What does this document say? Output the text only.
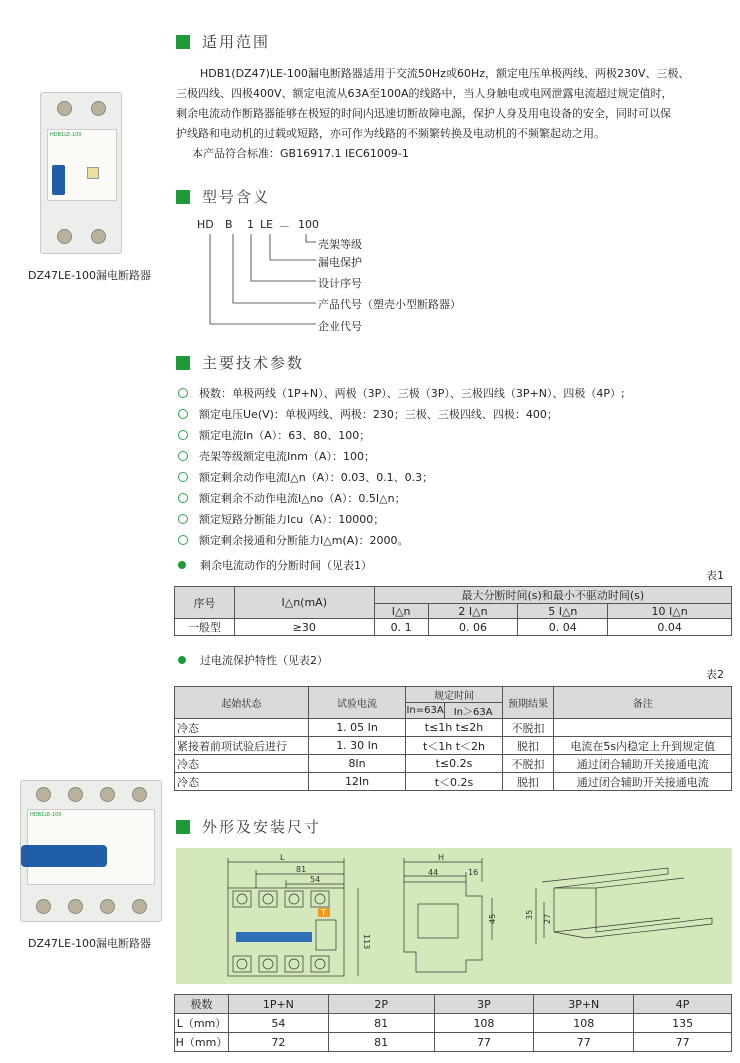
HDB1LE-100
DZ47LE-100漏电断路器
HDB1LE-100
DZ47LE-100漏电断路器
适用范围
HDB1(DZ47)LE-100漏电断路器适用于交流50Hz或60Hz，额定电压单极两线、两极230V、三极、
三极四线、四极400V、额定电流从63A至100A的线路中，当人身触电或电网泄露电流超过规定值时，
剩余电流动作断路器能够在极短的时间内迅速切断故障电源，保护人身及用电设备的安全，同时可以保
护线路和电动机的过载或短路，亦可作为线路的不频繁转换及电动机的不频繁起动之用。
本产品符合标准：GB16917.1 IEC61009-1
型号含义
HD B 1 LE － 100
壳架等级
漏电保护
设计序号
产品代号（塑壳小型断路器）
企业代号
主要技术参数
极数：单极两线（1P+N）、两极（3P）、三极（3P）、三极四线（3P+N）、四极（4P）;
额定电压Ue(V)：单极两线、两极：230；三极、三极四线、四极：400；
额定电流In（A）：63、80、100；
壳架等级额定电流Inm（A）：100；
额定剩余动作电流I△n（A）：0.03、0.1、0.3；
额定剩余不动作电流I△no（A）：0.5I△n；
额定短路分断能力Icu（A）：10000；
额定剩余接通和分断能力I△m(A)：2000。
剩余电流动作的分断时间（见表1）
表1
序号	I△n(mA)	最大分断时间(s)和最小不驱动时间(s)			
		I△n	2 I△n	5 I△n	10 I△n
一般型	≥30	0. 1	0. 06	0. 04	0.04
过电流保护特性（见表2）
表2
起始状态	试验电流	规定时间		预期结果	备注
		In=63A	In＞63A		
冷态	1. 05 In	t≤1h t≤2h		不脱扣	
紧接着前项试验后进行	1. 30 In	t＜1h t＜2h		脱扣	电流在5s内稳定上升到规定值
冷态	8In	t≤0.2s		不脱扣	通过闭合辅助开关接通电流
冷态	12In	t＜0.2s		脱扣	通过闭合辅助开关接通电流
外形及安装尺寸
L
81
54
113
H
44	16
45	35 27
T
极数	1P+N	2P	3P	3P+N	4P
L（mm）	54	81	108	108	135
H（mm）	72	81	77	77	77
